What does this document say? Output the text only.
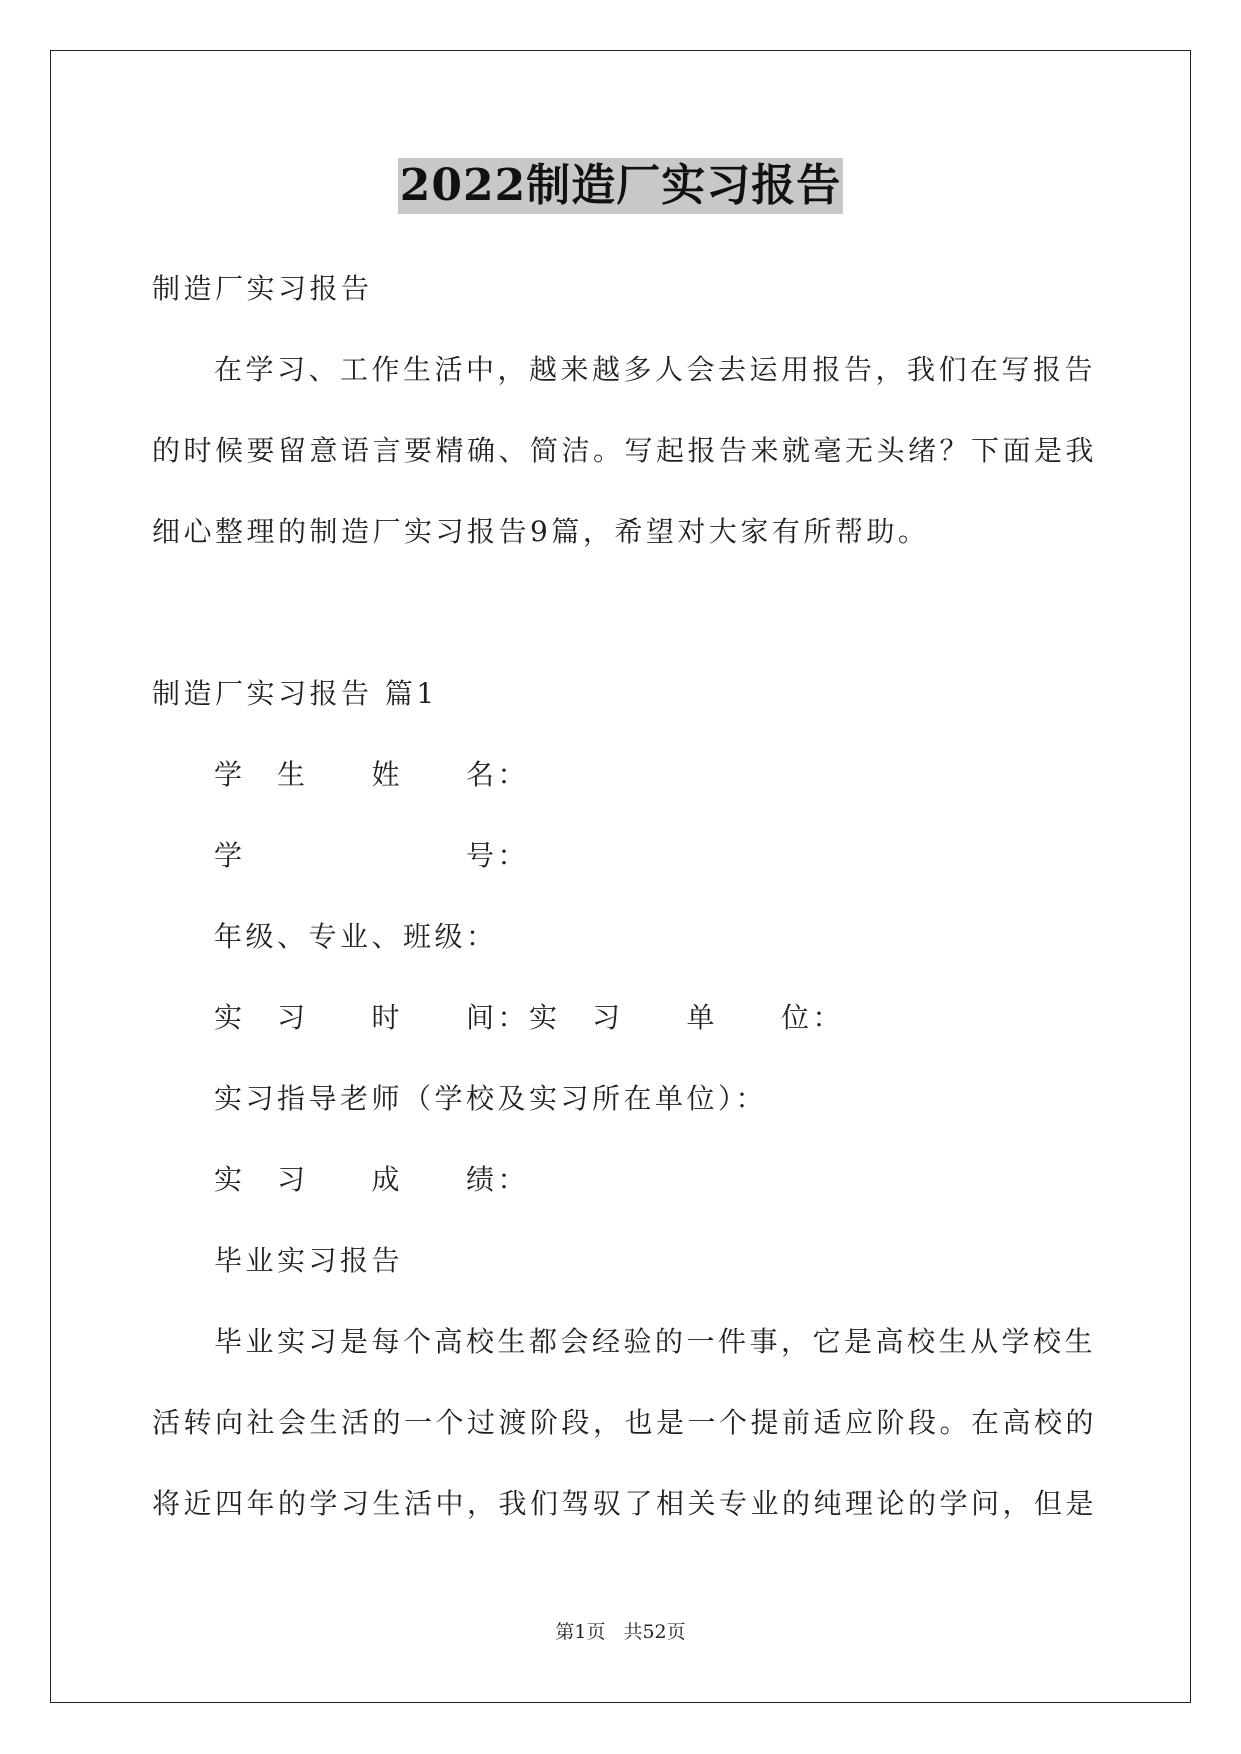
2022制造厂实习报告
制造厂实习报告
在学习、工作生活中，越来越多人会去运用报告，我们在写报告
的时候要留意语言要精确、简洁。写起报告来就毫无头绪？下面是我
细心整理的制造厂实习报告9篇，希望对大家有所帮助。
制造厂实习报告 篇1
学　生　　姓　　名：
学　　　　　　　号：
年级、专业、班级：
实　习　　时　　间：实　习　　单　　位：
实习指导老师（学校及实习所在单位）：
实　习　　成　　绩：
毕业实习报告
毕业实习是每个高校生都会经验的一件事，它是高校生从学校生
活转向社会生活的一个过渡阶段，也是一个提前适应阶段。在高校的
将近四年的学习生活中，我们驾驭了相关专业的纯理论的学问，但是
第1页 共52页
